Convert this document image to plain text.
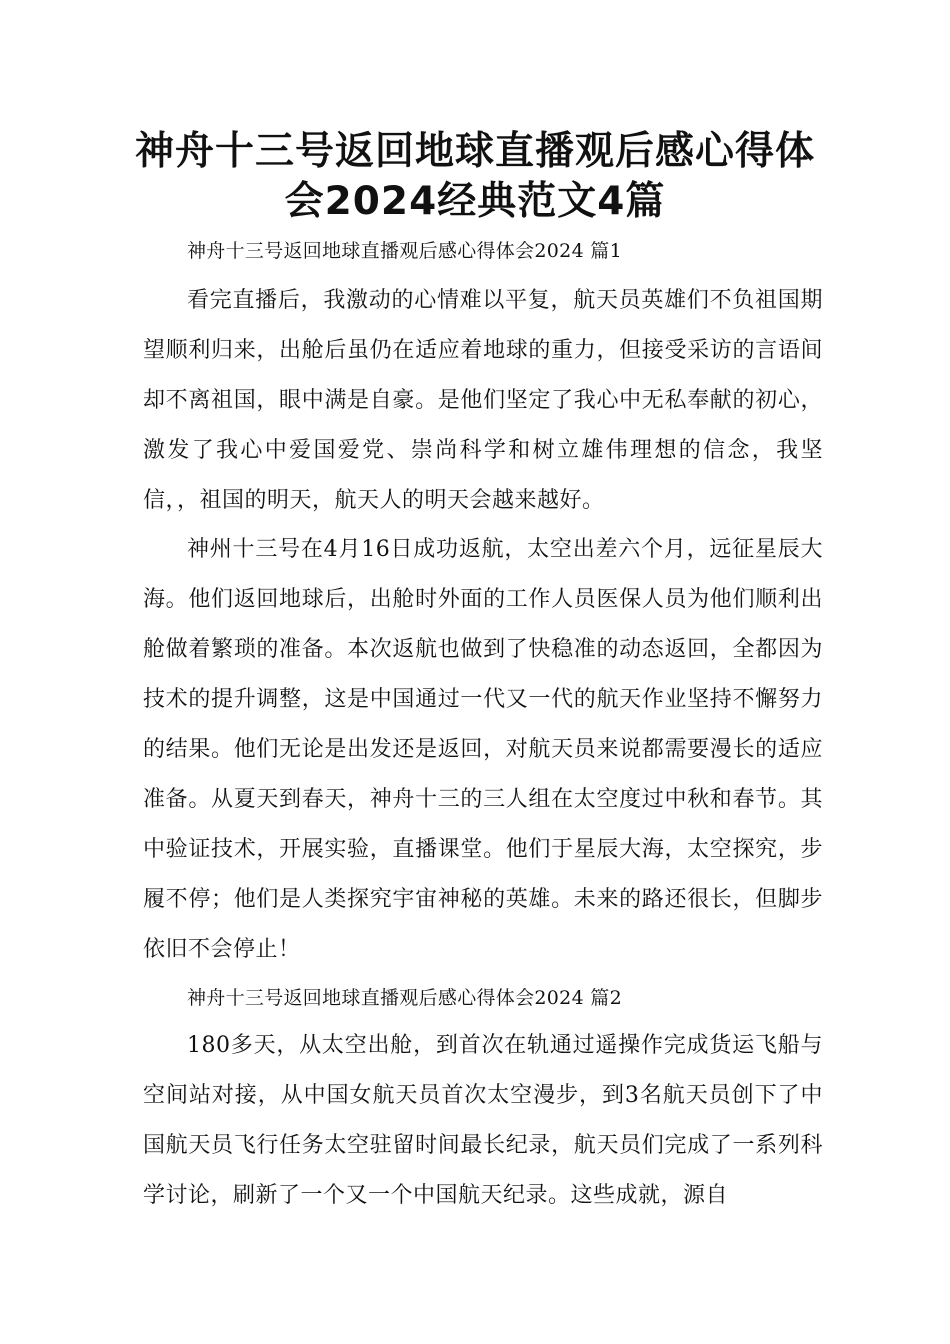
神舟十三号返回地球直播观后感心得体
会2024经典范文4篇

神舟十三号返回地球直播观后感心得体会2024 篇1

看完直播后，我激动的心情难以平复，航天员英雄们不负祖国期望顺利归来，出舱后虽仍在适应着地球的重力，但接受采访的言语间却不离祖国，眼中满是自豪。是他们坚定了我心中无私奉献的初心，激发了我心中爱国爱党、崇尚科学和树立雄伟理想的信念，我坚信，，祖国的明天，航天人的明天会越来越好。

神州十三号在4月16日成功返航，太空出差六个月，远征星辰大海。他们返回地球后，出舱时外面的工作人员医保人员为他们顺利出舱做着繁琐的准备。本次返航也做到了快稳准的动态返回，全都因为技术的提升调整，这是中国通过一代又一代的航天作业坚持不懈努力的结果。他们无论是出发还是返回，对航天员来说都需要漫长的适应准备。从夏天到春天，神舟十三的三人组在太空度过中秋和春节。其中验证技术，开展实验，直播课堂。他们于星辰大海，太空探究，步履不停；他们是人类探究宇宙神秘的英雄。未来的路还很长，但脚步依旧不会停止！

神舟十三号返回地球直播观后感心得体会2024 篇2

180多天，从太空出舱，到首次在轨通过遥操作完成货运飞船与空间站对接，从中国女航天员首次太空漫步，到3名航天员创下了中国航天员飞行任务太空驻留时间最长纪录，航天员们完成了一系列科学讨论，刷新了一个又一个中国航天纪录。这些成就，源自
